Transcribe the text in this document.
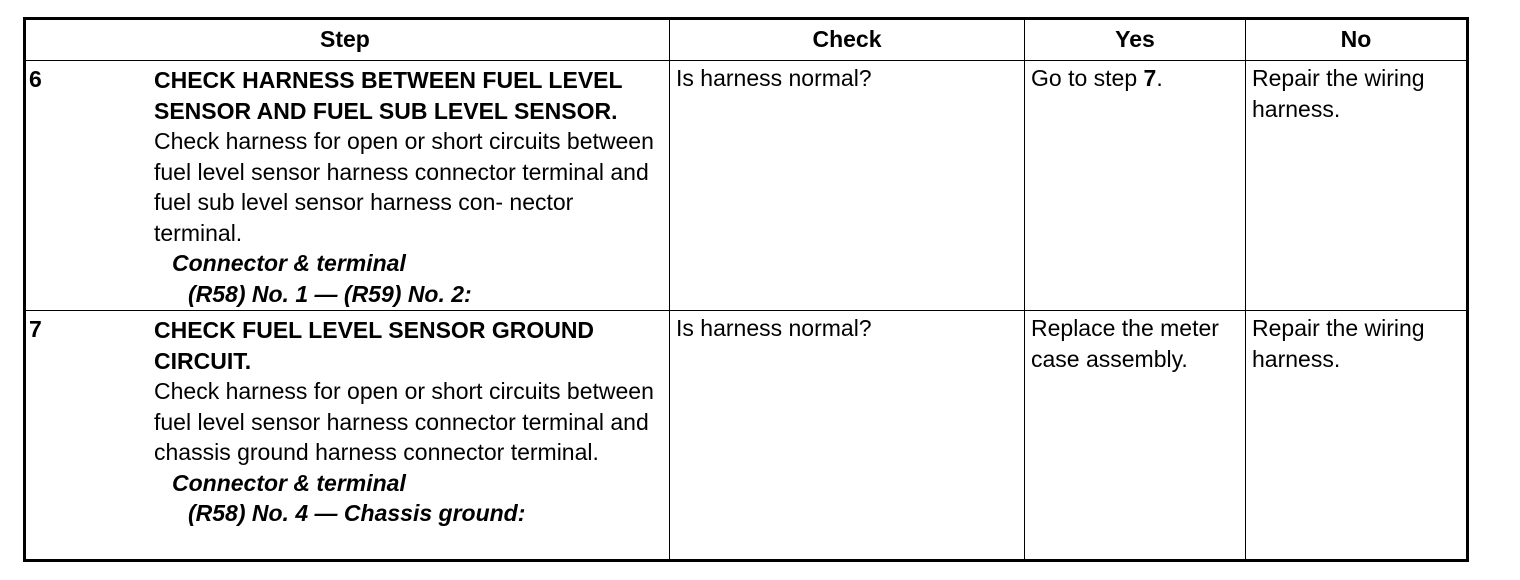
Step	Check	Yes	No

6 CHECK HARNESS BETWEEN FUEL LEVEL SENSOR AND FUEL SUB LEVEL SENSOR.
Check harness for open or short circuits between fuel level sensor harness connector terminal and fuel sub level sensor harness con- nector terminal.
Connector & terminal
(R58) No. 1 — (R59) No. 2:	Is harness normal?	Go to step 7.	Repair the wiring harness.

7 CHECK FUEL LEVEL SENSOR GROUND CIRCUIT.
Check harness for open or short circuits between fuel level sensor harness connector terminal and chassis ground harness connector terminal.
Connector & terminal
(R58) No. 4 — Chassis ground:	Is harness normal?	Replace the meter case assembly.	Repair the wiring harness.
